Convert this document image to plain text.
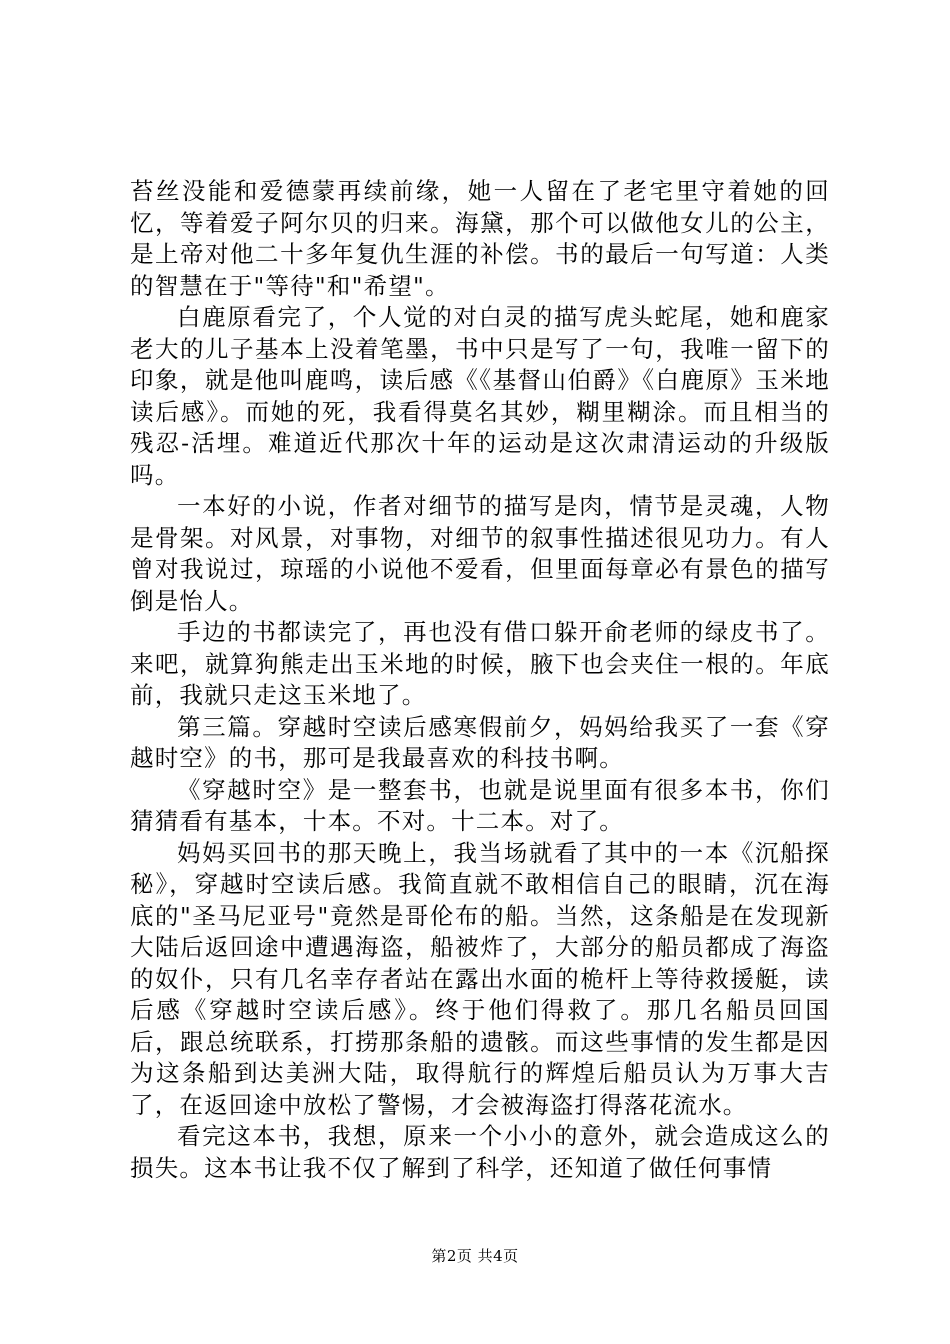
苔丝没能和爱德蒙再续前缘，她一人留在了老宅里守着她的回忆，等着爱子阿尔贝的归来。海黛，那个可以做他女儿的公主，是上帝对他二十多年复仇生涯的补偿。书的最后一句写道：人类的智慧在于"等待"和"希望"。

白鹿原看完了，个人觉的对白灵的描写虎头蛇尾，她和鹿家老大的儿子基本上没着笔墨，书中只是写了一句，我唯一留下的印象，就是他叫鹿鸣，读后感《《基督山伯爵》《白鹿原》玉米地读后感》。而她的死，我看得莫名其妙，糊里糊涂。而且相当的残忍-活埋。难道近代那次十年的运动是这次肃清运动的升级版吗。

一本好的小说，作者对细节的描写是肉，情节是灵魂，人物是骨架。对风景，对事物，对细节的叙事性描述很见功力。有人曾对我说过，琼瑶的小说他不爱看，但里面每章必有景色的描写倒是怡人。

手边的书都读完了，再也没有借口躲开俞老师的绿皮书了。来吧，就算狗熊走出玉米地的时候，腋下也会夹住一根的。年底前，我就只走这玉米地了。

第三篇。穿越时空读后感寒假前夕，妈妈给我买了一套《穿越时空》的书，那可是我最喜欢的科技书啊。

《穿越时空》是一整套书，也就是说里面有很多本书，你们猜猜看有基本，十本。不对。十二本。对了。

妈妈买回书的那天晚上，我当场就看了其中的一本《沉船探秘》，穿越时空读后感。我简直就不敢相信自己的眼睛，沉在海底的"圣马尼亚号"竟然是哥伦布的船。当然，这条船是在发现新大陆后返回途中遭遇海盗，船被炸了，大部分的船员都成了海盗的奴仆，只有几名幸存者站在露出水面的桅杆上等待救援艇，读后感《穿越时空读后感》。终于他们得救了。那几名船员回国后，跟总统联系，打捞那条船的遗骸。而这些事情的发生都是因为这条船到达美洲大陆，取得航行的辉煌后船员认为万事大吉了，在返回途中放松了警惕，才会被海盗打得落花流水。

看完这本书，我想，原来一个小小的意外，就会造成这么的损失。这本书让我不仅了解到了科学，还知道了做任何事情

第2页 共4页
